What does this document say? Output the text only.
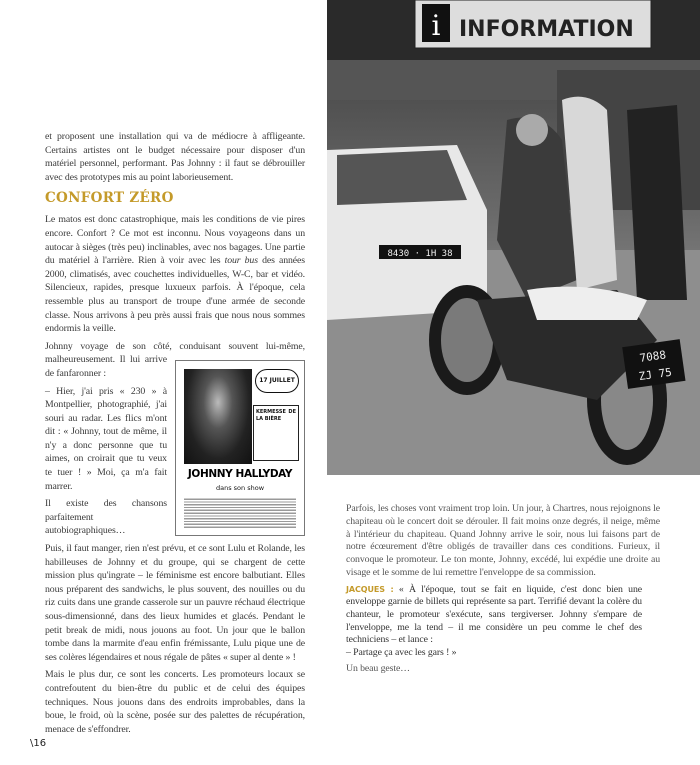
et proposent une installation qui va de médiocre à affligeante. Certains artistes ont le budget nécessaire pour disposer d'un matériel personnel, performant. Pas Johnny : il faut se débrouiller avec des prototypes mis au point laborieusement.

CONFORT ZÉRO

Le matos est donc catastrophique, mais les conditions de vie pires encore. Confort ? Ce mot est inconnu. Nous voyageons dans un autocar à sièges (très peu) inclinables, avec nos bagages. Une partie du matériel à l'arrière. Rien à voir avec les tour bus des années 2000, climatisés, avec couchettes individuelles, W-C, bar et vidéo. Silencieux, rapides, presque luxueux parfois. À l'époque, cela ressemble plus au transport de troupe d'une armée de seconde classe. Nous arrivons à peu près aussi frais que nous nous sommes endormis la veille.

17 JUILLET
KERMESSE DE LA BIÈRE
JOHNNY HALLYDAY
dans son show

Johnny voyage de son côté, conduisant souvent lui-même, malheureusement. Il lui arrive de fanfaronner :

– Hier, j'ai pris « 230 » à Montpellier, photographié, j'ai souri au radar. Les flics m'ont dit : « Johnny, tout de même, il n'y a donc personne que tu aimes, on croirait que tu veux te tuer ! » Moi, ça m'a fait marrer.

Il existe des chansons parfaitement autobiographiques…

Puis, il faut manger, rien n'est prévu, et ce sont Lulu et Rolande, les habilleuses de Johnny et du groupe, qui se chargent de cette mission plus qu'ingrate – le féminisme est encore balbutiant. Elles nous préparent des sandwichs, le plus souvent, des nouilles ou du riz cuits dans une grande casserole sur un pauvre réchaud électrique sous-dimensionné, dans des lieux humides et glacés. Pendant le petit break de midi, nous jouons au foot. Un jour que le ballon tombe dans la marmite d'eau enfin frémissante, Lulu pique une de ses colères légendaires et nous régale de pâtes « super al dente » !

Mais le plus dur, ce sont les concerts. Les promoteurs locaux se contrefoutent du bien-être du public et de celui des équipes techniques. Nous jouons dans des endroits improbables, dans la boue, le froid, où la scène, posée sur des palettes de récupération, menace de s'effondrer.

i INFORMATION
8430 · 1H 38
7088
ZJ 75

Parfois, les choses vont vraiment trop loin. Un jour, à Chartres, nous rejoignons le chapiteau où le concert doit se dérouler. Il fait moins onze degrés, il neige, même à l'intérieur du chapiteau. Quand Johnny arrive le soir, nous lui faisons part de notre écœurement d'être obligés de travailler dans ces conditions. Furieux, il convoque le promoteur. Le ton monte, Johnny, excédé, lui expédie une droite au visage et le somme de lui remettre l'enveloppe de sa commission.

JACQUES : « À l'époque, tout se fait en liquide, c'est donc bien une enveloppe garnie de billets qui représente sa part. Terrifié devant la colère du chanteur, le promoteur s'exécute, sans tergiverser. Johnny s'empare de l'enveloppe, me la tend – il me considère un peu comme le chef des techniciens – et lance :
– Partage ça avec les gars ! »

Un beau geste…

\16
